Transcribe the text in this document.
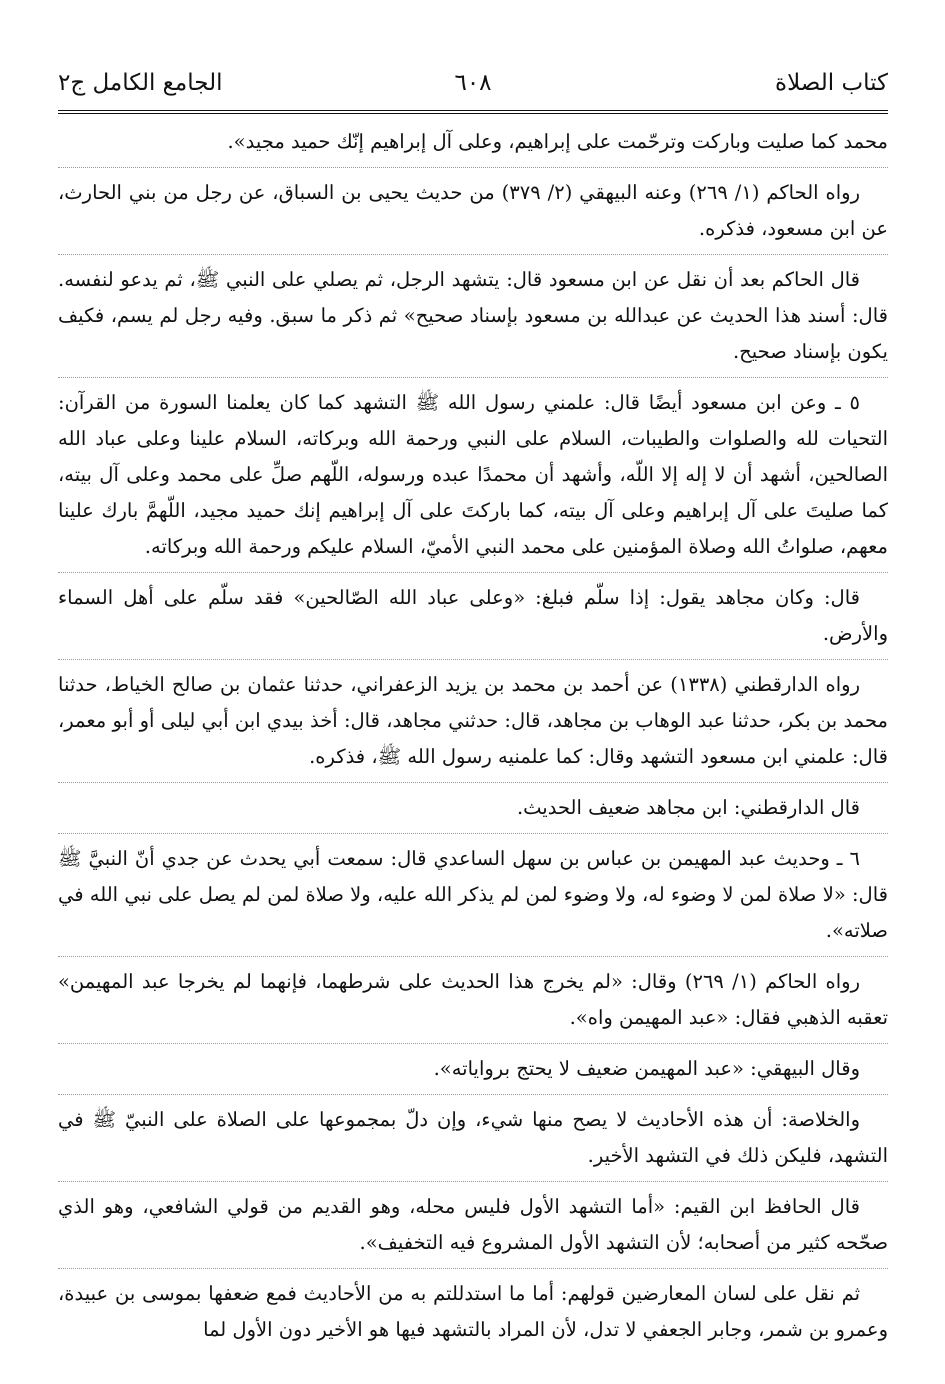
كتاب الصلاة
٦٠٨
الجامع الكامل ج٢

محمد كما صليت وباركت وترحّمت على إبراهيم، وعلى آل إبراهيم إنّك حميد مجيد».

رواه الحاكم (١/ ٢٦٩) وعنه البيهقي (٢/ ٣٧٩) من حديث يحيى بن السباق، عن رجل من بني الحارث، عن ابن مسعود، فذكره.

قال الحاكم بعد أن نقل عن ابن مسعود قال: يتشهد الرجل، ثم يصلي على النبي ﷺ، ثم يدعو لنفسه. قال: أسند هذا الحديث عن عبدالله بن مسعود بإسناد صحيح» ثم ذكر ما سبق. وفيه رجل لم يسم، فكيف يكون بإسناد صحيح.

٥ ـ وعن ابن مسعود أيضًا قال: علمني رسول الله ﷺ التشهد كما كان يعلمنا السورة من القرآن: التحيات لله والصلوات والطيبات، السلام على النبي ورحمة الله وبركاته، السلام علينا وعلى عباد الله الصالحين، أشهد أن لا إله إلا اللّه، وأشهد أن محمدًا عبده ورسوله، اللّهم صلِّ على محمد وعلى آل بيته، كما صليتَ على آل إبراهيم وعلى آل بيته، كما باركتَ على آل إبراهيم إنك حميد مجيد، اللّهمَّ بارك علينا معهم، صلواتُ الله وصلاة المؤمنين على محمد النبي الأميّ، السلام عليكم ورحمة الله وبركاته.

قال: وكان مجاهد يقول: إذا سلّم فبلغ: «وعلى عباد الله الصّالحين» فقد سلّم على أهل السماء والأرض.

رواه الدارقطني (١٣٣٨) عن أحمد بن محمد بن يزيد الزعفراني، حدثنا عثمان بن صالح الخياط، حدثنا محمد بن بكر، حدثنا عبد الوهاب بن مجاهد، قال: حدثني مجاهد، قال: أخذ بيدي ابن أبي ليلى أو أبو معمر، قال: علمني ابن مسعود التشهد وقال: كما علمنيه رسول الله ﷺ، فذكره.

قال الدارقطني: ابن مجاهد ضعيف الحديث.

٦ ـ وحديث عبد المهيمن بن عباس بن سهل الساعدي قال: سمعت أبي يحدث عن جدي أنّ النبيَّ ﷺ قال: «لا صلاة لمن لا وضوء له، ولا وضوء لمن لم يذكر الله عليه، ولا صلاة لمن لم يصل على نبي الله في صلاته».

رواه الحاكم (١/ ٢٦٩) وقال: «لم يخرج هذا الحديث على شرطهما، فإنهما لم يخرجا عبد المهيمن» تعقبه الذهبي فقال: «عبد المهيمن واه».

وقال البيهقي: «عبد المهيمن ضعيف لا يحتج برواياته».

والخلاصة: أن هذه الأحاديث لا يصح منها شيء، وإن دلّ بمجموعها على الصلاة على النبيّ ﷺ في التشهد، فليكن ذلك في التشهد الأخير.

قال الحافظ ابن القيم: «أما التشهد الأول فليس محله، وهو القديم من قولي الشافعي، وهو الذي صحّحه كثير من أصحابه؛ لأن التشهد الأول المشروع فيه التخفيف».

ثم نقل على لسان المعارضين قولهم: أما ما استدللتم به من الأحاديث فمع ضعفها بموسى بن عبيدة، وعمرو بن شمر، وجابر الجعفي لا تدل، لأن المراد بالتشهد فيها هو الأخير دون الأول لما
